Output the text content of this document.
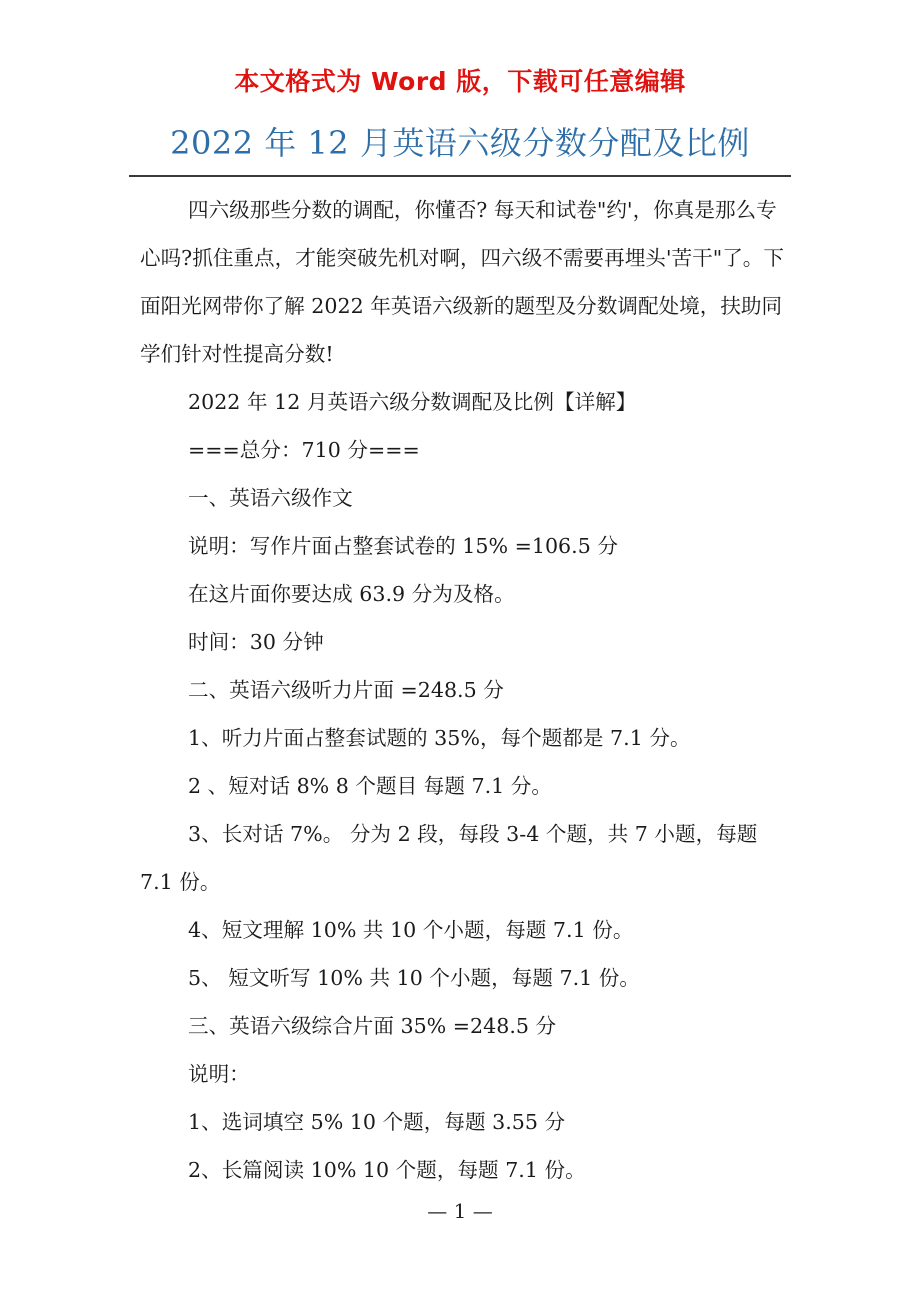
本文格式为 Word 版，下载可任意编辑
2022 年 12 月英语六级分数分配及比例

四六级那些分数的调配，你懂否? 每天和试卷"约'，你真是那么专心吗?抓住重点，才能突破先机对啊，四六级不需要再埋头'苦干"了。下面阳光网带你了解 2022 年英语六级新的题型及分数调配处境，扶助同学们针对性提高分数!

2022 年 12 月英语六级分数调配及比例【详解】

===总分：710 分===

一、英语六级作文

说明：写作片面占整套试卷的 15% =106.5 分

在这片面你要达成 63.9 分为及格。

时间：30 分钟

二、英语六级听力片面 =248.5 分

1、听力片面占整套试题的 35%，每个题都是 7.1 分。

2 、短对话 8% 8 个题目 每题 7.1 分。

3、长对话 7%。 分为 2 段，每段 3-4 个题，共 7 小题，每题 7.1 份。

4、短文理解 10% 共 10 个小题，每题 7.1 份。

5、 短文听写 10% 共 10 个小题，每题 7.1 份。

三、英语六级综合片面 35% =248.5 分

说明：

1、选词填空 5% 10 个题，每题 3.55 分

2、长篇阅读 10% 10 个题，每题 7.1 份。

— 1 —
